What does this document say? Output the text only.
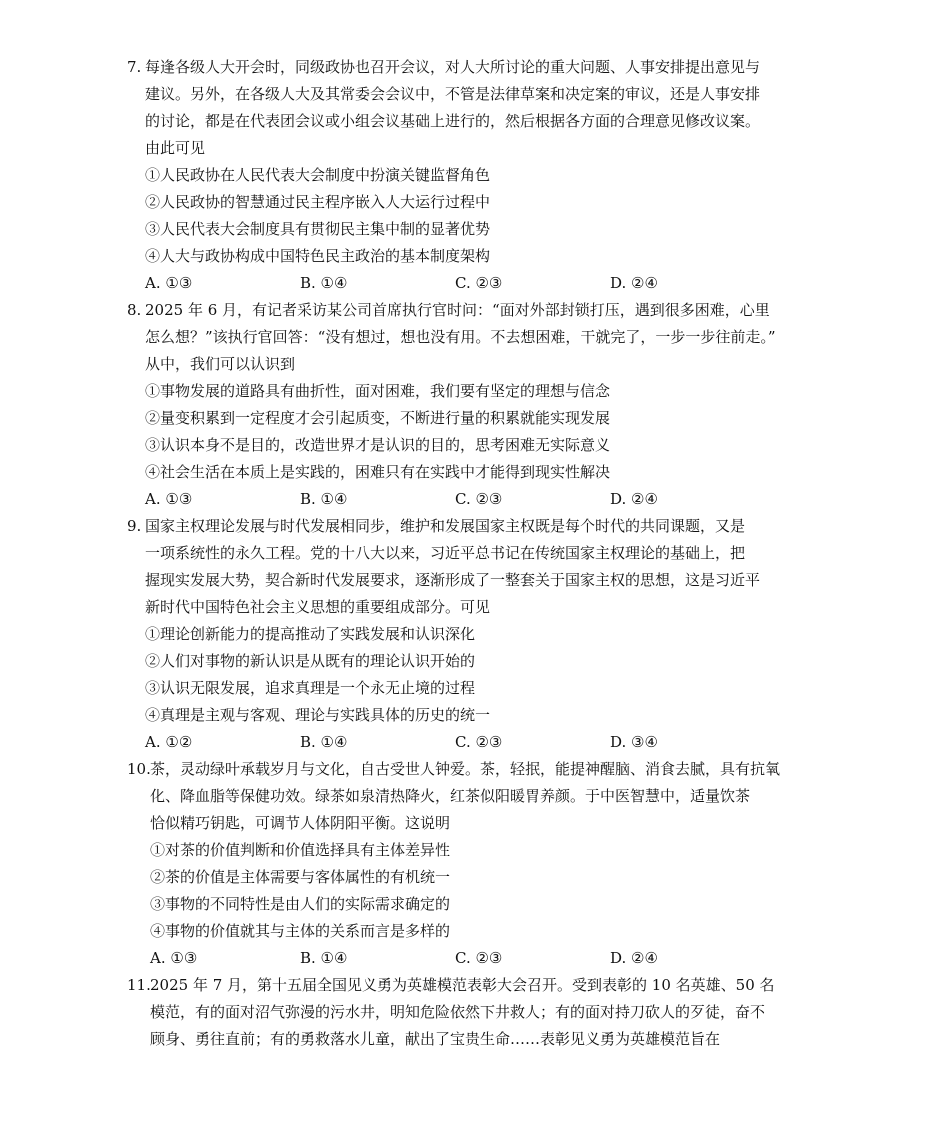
7. 每逢各级人大开会时，同级政协也召开会议，对人大所讨论的重大问题、人事安排提出意见与
建议。另外，在各级人大及其常委会会议中，不管是法律草案和决定案的审议，还是人事安排
的讨论，都是在代表团会议或小组会议基础上进行的，然后根据各方面的合理意见修改议案。
由此可见
①人民政协在人民代表大会制度中扮演关键监督角色
②人民政协的智慧通过民主程序嵌入人大运行过程中
③人民代表大会制度具有贯彻民主集中制的显著优势
④人大与政协构成中国特色民主政治的基本制度架构
A. ①③	B. ①④	C. ②③	D. ②④
8. 2025 年 6 月，有记者采访某公司首席执行官时问：“面对外部封锁打压，遇到很多困难，心里
怎么想？”该执行官回答：“没有想过，想也没有用。不去想困难，干就完了，一步一步往前走。”
从中，我们可以认识到
①事物发展的道路具有曲折性，面对困难，我们要有坚定的理想与信念
②量变积累到一定程度才会引起质变，不断进行量的积累就能实现发展
③认识本身不是目的，改造世界才是认识的目的，思考困难无实际意义
④社会生活在本质上是实践的，困难只有在实践中才能得到现实性解决
A. ①③	B. ①④	C. ②③	D. ②④
9. 国家主权理论发展与时代发展相同步，维护和发展国家主权既是每个时代的共同课题，又是
一项系统性的永久工程。党的十八大以来，习近平总书记在传统国家主权理论的基础上，把
握现实发展大势，契合新时代发展要求，逐渐形成了一整套关于国家主权的思想，这是习近平
新时代中国特色社会主义思想的重要组成部分。可见
①理论创新能力的提高推动了实践发展和认识深化
②人们对事物的新认识是从既有的理论认识开始的
③认识无限发展，追求真理是一个永无止境的过程
④真理是主观与客观、理论与实践具体的历史的统一
A. ①②	B. ①④	C. ②③	D. ③④
10. 茶，灵动绿叶承载岁月与文化，自古受世人钟爱。茶，轻抿，能提神醒脑、消食去腻，具有抗氧
化、降血脂等保健功效。绿茶如泉清热降火，红茶似阳暖胃养颜。于中医智慧中，适量饮茶
恰似精巧钥匙，可调节人体阴阳平衡。这说明
①对茶的价值判断和价值选择具有主体差异性
②茶的价值是主体需要与客体属性的有机统一
③事物的不同特性是由人们的实际需求确定的
④事物的价值就其与主体的关系而言是多样的
A. ①③	B. ①④	C. ②③	D. ②④
11. 2025 年 7 月，第十五届全国见义勇为英雄模范表彰大会召开。受到表彰的 10 名英雄、50 名
模范，有的面对沼气弥漫的污水井，明知危险依然下井救人；有的面对持刀砍人的歹徒，奋不
顾身、勇往直前；有的勇救落水儿童，献出了宝贵生命……表彰见义勇为英雄模范旨在
